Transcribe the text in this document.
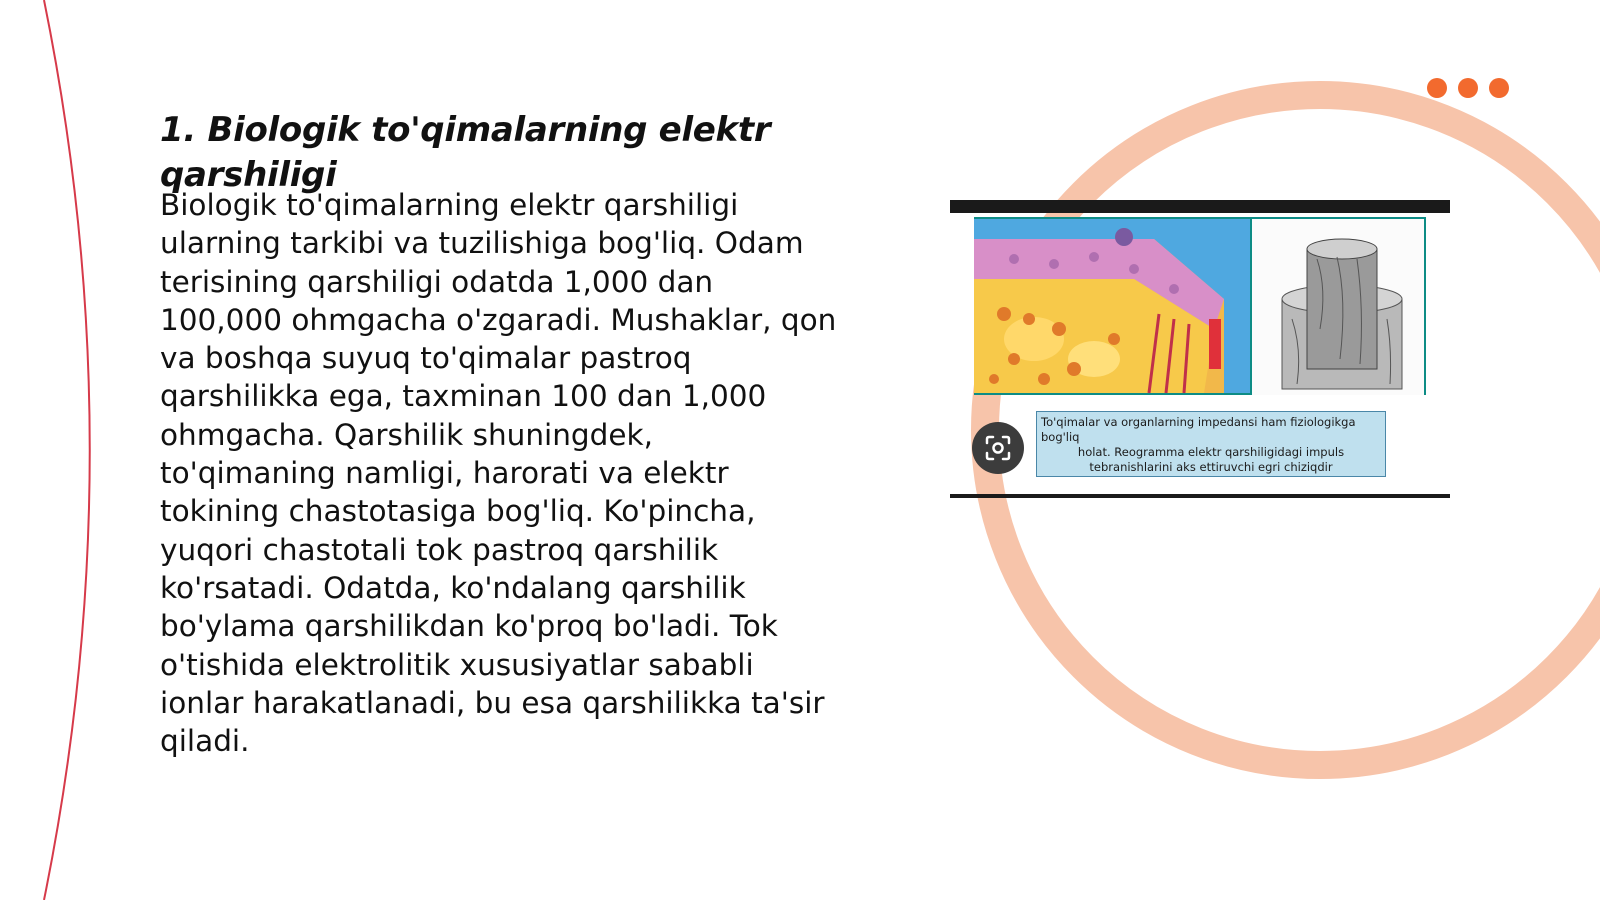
1. Biologik to'qimalarning elektr qarshiligi

Biologik to'qimalarning elektr qarshiligi
ularning tarkibi va tuzilishiga bog'liq. Odam
terisining qarshiligi odatda 1,000 dan
100,000 ohmgacha o'zgaradi. Mushaklar, qon
va boshqa suyuq to'qimalar pastroq
qarshilikka ega, taxminan 100 dan 1,000
ohmgacha. Qarshilik shuningdek,
to'qimaning namligi, harorati va elektr
tokining chastotasiga bog'liq. Ko'pincha,
yuqori chastotali tok pastroq qarshilik
ko'rsatadi. Odatda, ko'ndalang qarshilik
bo'ylama qarshilikdan ko'proq bo'ladi. Tok
o'tishida elektrolitik xususiyatlar sababli
ionlar harakatlanadi, bu esa qarshilikka ta'sir
qiladi.

To'qimalar va organlarning impedansi ham fiziologikga bog'liq
holat. Reogramma elektr qarshiligidagi impuls tebranishlarini aks ettiruvchi egri chiziqdir
